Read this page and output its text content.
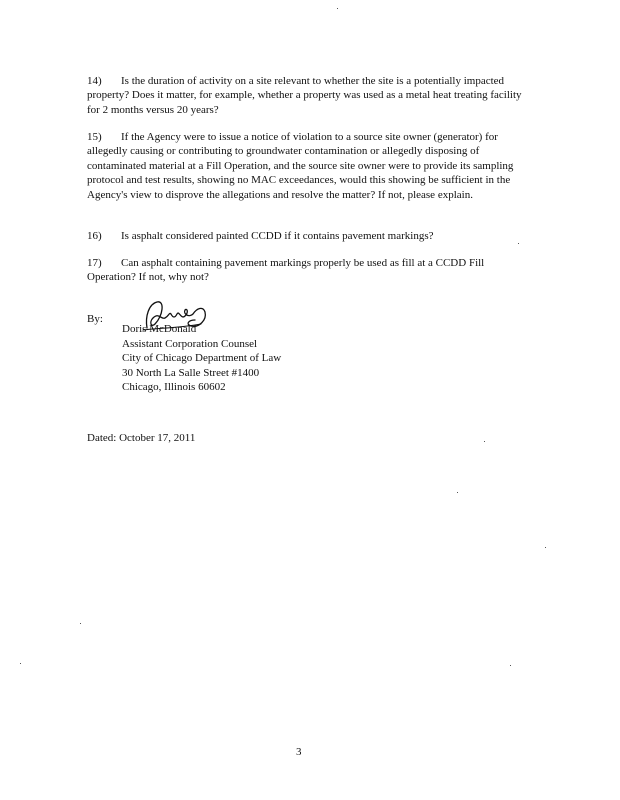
14) Is the duration of activity on a site relevant to whether the site is a potentially impacted property? Does it matter, for example, whether a property was used as a metal heat treating facility for 2 months versus 20 years?

15) If the Agency were to issue a notice of violation to a source site owner (generator) for allegedly causing or contributing to groundwater contamination or allegedly disposing of contaminated material at a Fill Operation, and the source site owner were to provide its sampling protocol and test results, showing no MAC exceedances, would this showing be sufficient in the Agency's view to disprove the allegations and resolve the matter? If not, please explain.

16) Is asphalt considered painted CCDD if it contains pavement markings?

17) Can asphalt containing pavement markings properly be used as fill at a CCDD Fill Operation? If not, why not?

By:
Doris McDonald
Assistant Corporation Counsel
City of Chicago Department of Law
30 North La Salle Street #1400
Chicago, Illinois 60602
Dated: October 17, 2011
3
